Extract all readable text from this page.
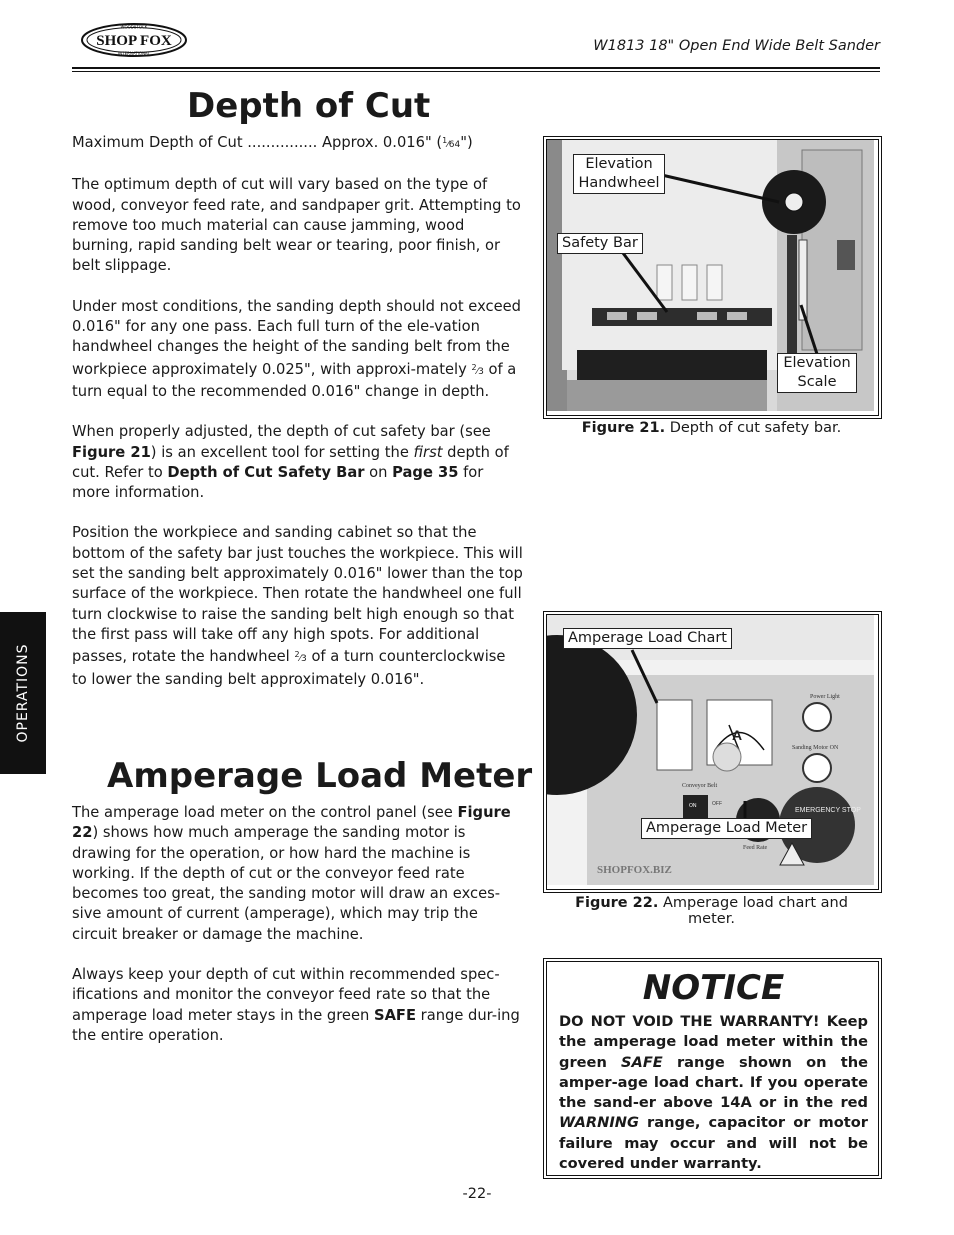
SHOP FOX
WOODSTOCK
INTERNATIONAL	W1813 18" Open End Wide Belt Sander
Depth of Cut

Maximum Depth of Cut ............... Approx. 0.016" ($^1$⁄64")

The optimum depth of cut will vary based on the type of wood, conveyor feed rate, and sandpaper grit. Attempting to remove too much material can cause jamming, wood burning, rapid sanding belt wear or tearing, poor finish, or belt slippage.

Under most conditions, the sanding depth should not exceed 0.016" for any one pass. Each full turn of the ele-vation handwheel changes the height of the sanding belt from the workpiece approximately 0.025", with approxi-mately $^2$⁄3 of a turn equal to the recommended 0.016" change in depth.

When properly adjusted, the depth of cut safety bar (see Figure 21) is an excellent tool for setting the first depth of cut. Refer to Depth of Cut Safety Bar on Page 35 for more information.

Position the workpiece and sanding cabinet so that the bottom of the safety bar just touches the workpiece. This will set the sanding belt approximately 0.016" lower than the top surface of the workpiece. Then rotate the handwheel one full turn clockwise to raise the sanding belt high enough so that the first pass will take off any high spots. For additional passes, rotate the handwheel $^2$⁄3 of a turn counterclockwise to lower the sanding belt approximately 0.016".

OPERATIONS
Amperage Load Meter

The amperage load meter on the control panel (see Figure 22) shows how much amperage the sanding motor is drawing for the operation, or how hard the machine is working. If the depth of cut or the conveyor feed rate becomes too great, the sanding motor will draw an exces-sive amount of current (amperage), which may trip the circuit breaker or damage the machine.

Always keep your depth of cut within recommended spec-ifications and monitor the conveyor feed rate so that the amperage load meter stays in the green SAFE range dur-ing the entire operation.

Elevation Handwheel
Safety Bar
Elevation Scale
Figure 21. Depth of cut safety bar.
Power Light
Sanding Motor ON
Conveyor Belt
ON	OFF
Feed Rate
EMERGENCY STOP
SHOPFOX.BIZ
A
Amperage Load Chart
Amperage Load Meter
Figure 22. Amperage load chart and meter.
NOTICE
DO NOT VOID THE WARRANTY! Keep the amperage load meter within the green SAFE range shown on the amper-age load chart. If you operate the sand-er above 14A or in the red WARNING range, capacitor or motor failure may occur and will not be covered under warranty.
-22-
